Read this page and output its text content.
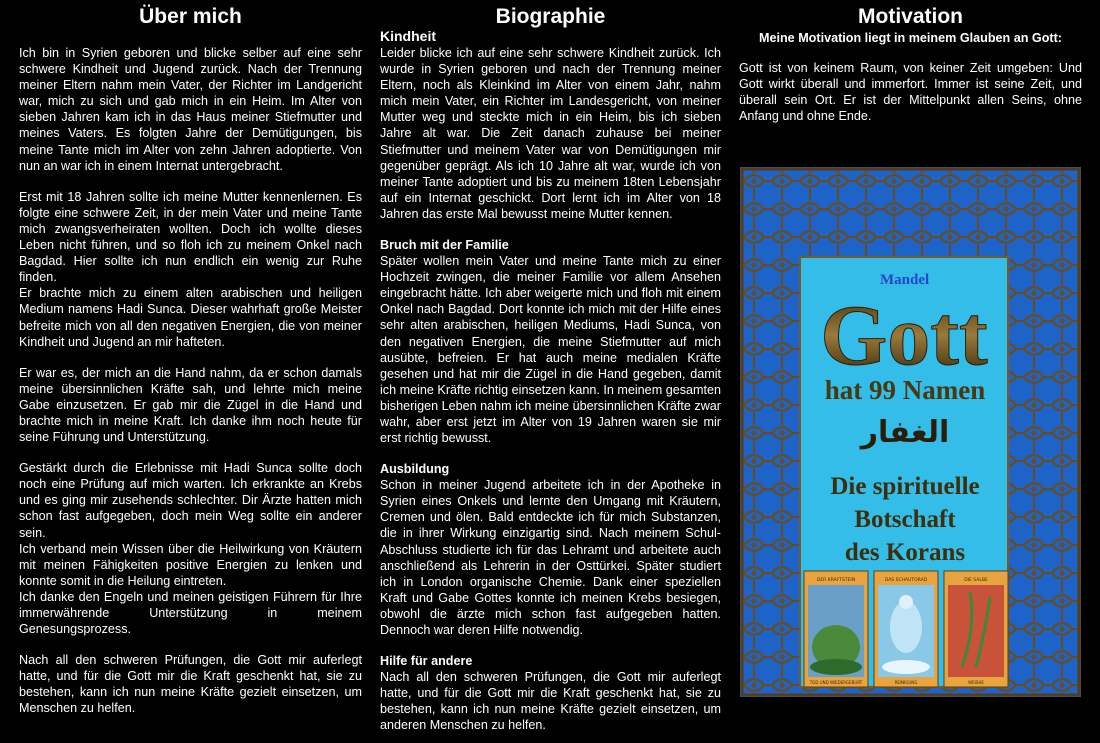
Über mich

Ich bin in Syrien geboren und blicke selber auf eine sehr schwere Kindheit und Jugend zurück. Nach der Trennung meiner Eltern nahm mein Vater, der Richter im Landgericht war, mich zu sich und gab mich in ein Heim. Im Alter von sieben Jahren kam ich in das Haus meiner Stiefmutter und meines Vaters. Es folgten Jahre der Demütigungen, bis meine Tante mich im Alter von zehn Jahren adoptierte. Von nun an war ich in einem Internat untergebracht.

Erst mit 18 Jahren sollte ich meine Mutter kennenlernen. Es folgte eine schwere Zeit, in der mein Vater und meine Tante mich zwangsverheiraten wollten. Doch ich wollte dieses Leben nicht führen, und so floh ich zu meinem Onkel nach Bagdad. Hier sollte ich nun endlich ein wenig zur Ruhe finden.
Er brachte mich zu einem alten arabischen und heiligen Medium namens Hadi Sunca. Dieser wahrhaft große Meister befreite mich von all den negativen Energien, die von meiner Kindheit und Jugend an mir hafteten.

Er war es, der mich an die Hand nahm, da er schon damals meine übersinnlichen Kräfte sah, und lehrte mich meine Gabe einzusetzen. Er gab mir die Zügel in die Hand und brachte mich in meine Kraft. Ich danke ihm noch heute für seine Führung und Unterstützung.

Gestärkt durch die Erlebnisse mit Hadi Sunca sollte doch noch eine Prüfung auf mich warten. Ich erkrankte an Krebs und es ging mir zusehends schlechter. Dir Ärzte hatten mich schon fast aufgegeben, doch mein Weg sollte ein anderer sein.
Ich verband mein Wissen über die Heilwirkung von Kräutern mit meinen Fähigkeiten positive Energien zu lenken und konnte somit in die Heilung eintreten.
Ich danke den Engeln und meinen geistigen Führern für Ihre immerwährende Unterstützung in meinem Genesungsprozess.

Nach all den schweren Prüfungen, die Gott mir auferlegt hatte, und für die Gott mir die Kraft geschenkt hat, sie zu bestehen, kann ich nun meine Kräfte gezielt einsetzen, um Menschen zu helfen.

Biographie
Kindheit

Leider blicke ich auf eine sehr schwere Kindheit zurück. Ich wurde in Syrien geboren und nach der Trennung meiner Eltern, noch als Kleinkind im Alter von einem Jahr, nahm mich mein Vater, ein Richter im Landesgericht, von meiner Mutter weg und steckte mich in ein Heim, bis ich sieben Jahre alt war. Die Zeit danach zuhause bei meiner Stiefmutter und meinem Vater war von Demütigungen mir gegenüber geprägt. Als ich 10 Jahre alt war, wurde ich von meiner Tante adoptiert und bis zu meinem 18ten Lebensjahr auf ein Internat geschickt. Dort lernt ich im Alter von 18 Jahren das erste Mal bewusst meine Mutter kennen.

Bruch mit der Familie

Später wollen mein Vater und meine Tante mich zu einer Hochzeit zwingen, die meiner Familie vor allem Ansehen eingebracht hätte. Ich aber weigerte mich und floh mit einem Onkel nach Bagdad. Dort konnte ich mich mit der Hilfe eines sehr alten arabischen, heiligen Mediums, Hadi Sunca, von den negativen Energien, die meine Stiefmutter auf mich ausübte, befreien. Er hat auch meine medialen Kräfte gesehen und hat mir die Zügel in die Hand gegeben, damit ich meine Kräfte richtig einsetzen kann. In meinem gesamten bisherigen Leben nahm ich meine übersinnlichen Kräfte zwar wahr, aber erst jetzt im Alter von 19 Jahren waren sie mir erst richtig bewusst.

Ausbildung

Schon in meiner Jugend arbeitete ich in der Apotheke in Syrien eines Onkels und lernte den Umgang mit Kräutern, Cremen und ölen. Bald entdeckte ich für mich Substanzen, die in ihrer Wirkung einzigartig sind. Nach meinem Schul-Abschluss studierte ich für das Lehramt und arbeitete auch anschließend als Lehrerin in der Osttürkei. Später studiert ich in London organische Chemie. Dank einer speziellen Kraft und Gabe Gottes konnte ich meinen Krebs besiegen, obwohl die ärzte mich schon fast aufgegeben hatten. Dennoch war deren Hilfe notwendig.

Hilfe für andere

Nach all den schweren Prüfungen, die Gott mir auferlegt hatte, und für die Gott mir die Kraft geschenkt hat, sie zu bestehen, kann ich nun meine Kräfte gezielt einsetzen, um anderen Menschen zu helfen.

Motivation

Meine Motivation liegt in meinem Glauben an Gott:

Gott ist von keinem Raum, von keiner Zeit umgeben: Und Gott wirkt überall und immerfort. Immer ist seine Zeit, und überall sein Ort. Er ist der Mittelpunkt allen Seins, ohne Anfang und ohne Ende.

Mandel
Gott
hat 99 Namen
الغفار
Die spirituelle
Botschaft
des Korans
DER KRAFTSTEIN
TOD UND WIEDERGEBURT
DAS SCHAUTORAD
REINIGUNG
DIE SALBE
WEISHE
